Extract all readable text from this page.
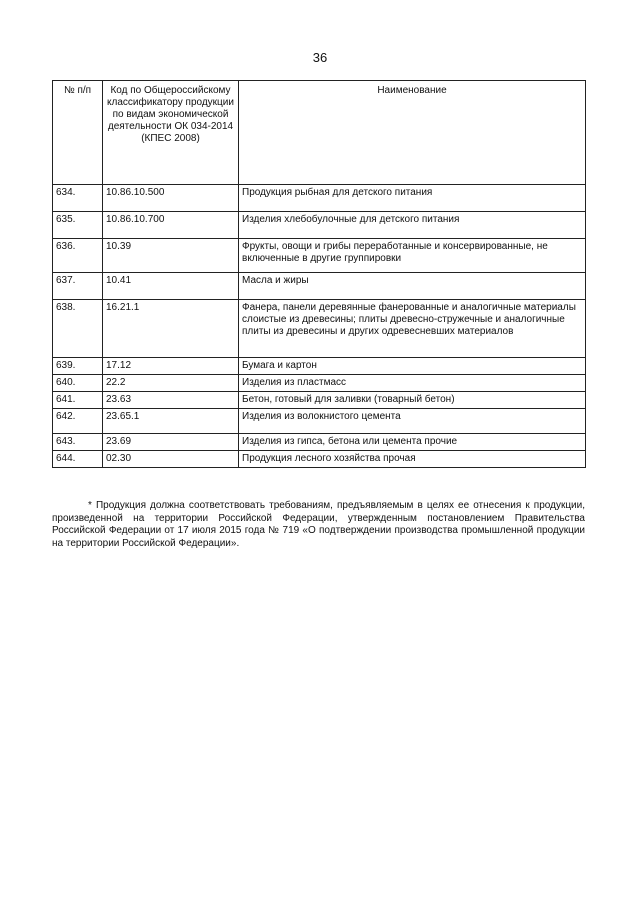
36
№ п/п	Код по Общероссийскому классификатору продукции по видам экономической деятельности ОК 034-2014 (КПЕС 2008)	Наименование
634.	10.86.10.500	Продукция рыбная для детского питания
635.	10.86.10.700	Изделия хлебобулочные для детского питания
636.	10.39	Фрукты, овощи и грибы переработанные и консервированные, не включенные в другие группировки
637.	10.41	Масла и жиры
638.	16.21.1	Фанера, панели деревянные фанерованные и аналогичные материалы слоистые из древесины; плиты древесно-стружечные и аналогичные плиты из древесины и других одревесневших материалов
639.	17.12	Бумага и картон
640.	22.2	Изделия из пластмасс
641.	23.63	Бетон, готовый для заливки (товарный бетон)
642.	23.65.1	Изделия из волокнистого цемента
643.	23.69	Изделия из гипса, бетона или цемента прочие
644.	02.30	Продукция лесного хозяйства прочая

* Продукция должна соответствовать требованиям, предъявляемым в целях ее отнесения к продукции, произведенной на территории Российской Федерации, утвержденным постановлением Правительства Российской Федерации от 17 июля 2015 года № 719 «О подтверждении производства промышленной продукции на территории Российской Федерации».
